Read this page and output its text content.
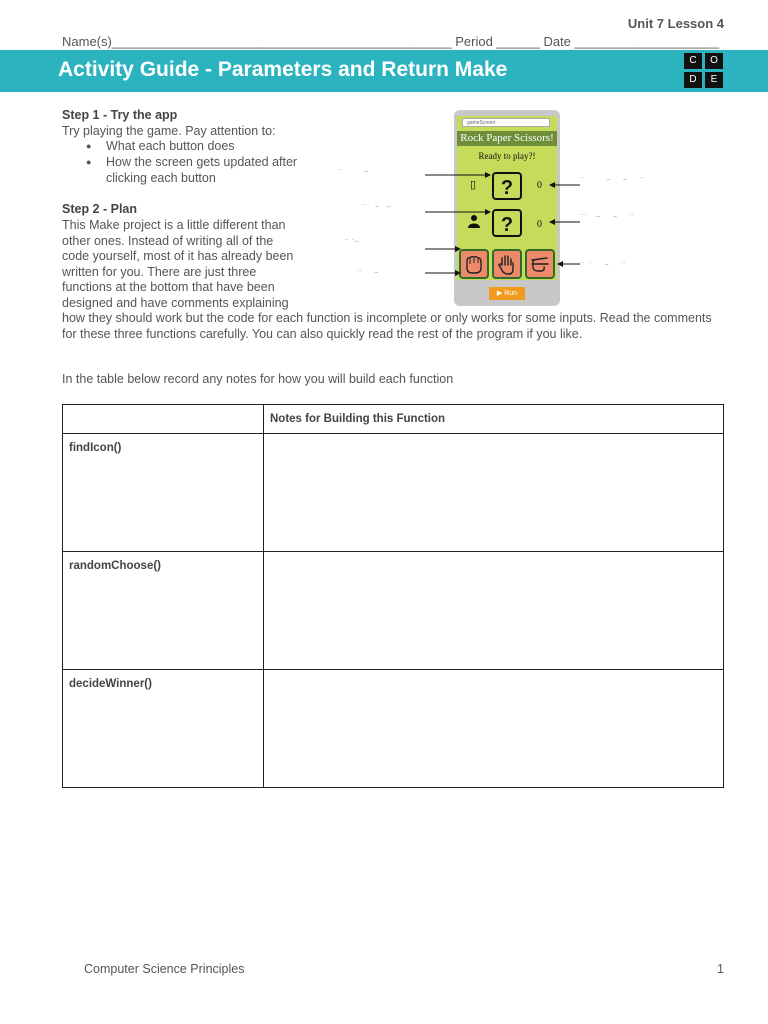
Unit 7 Lesson 4
Name(s)_______________________________________________ Period ______ Date ____________________
Activity Guide - Parameters and Return Make	C	O
D	E
Step 1 - Try the app
Try playing the game. Pay attention to:
● What each button does
● How the screen gets updated after clicking each button
Step 2 - Plan
This Make project is a little different than other ones. Instead of writing all of the code yourself, most of it has already been written for you. There are just three functions at the bottom that have been designed and have comments explaining how they should work but the code for each function is incomplete or only works for some inputs. Read the comments for these three functions carefully. You can also quickly read the rest of the program if you like.
In the table below record any notes for how you will build each function
..              _
.. .    _     _
..  . _
..        _
..              _        _        ..
.. .      _        _        ..
..    .        _        ..
gameScreen
Rock Paper Scissors!
Ready to play?!
▯	?	0
?	0
▶ Run
	Notes for Building this Function
findIcon()	
randomChoose()	
decideWinner()	
Computer Science Principles	1
